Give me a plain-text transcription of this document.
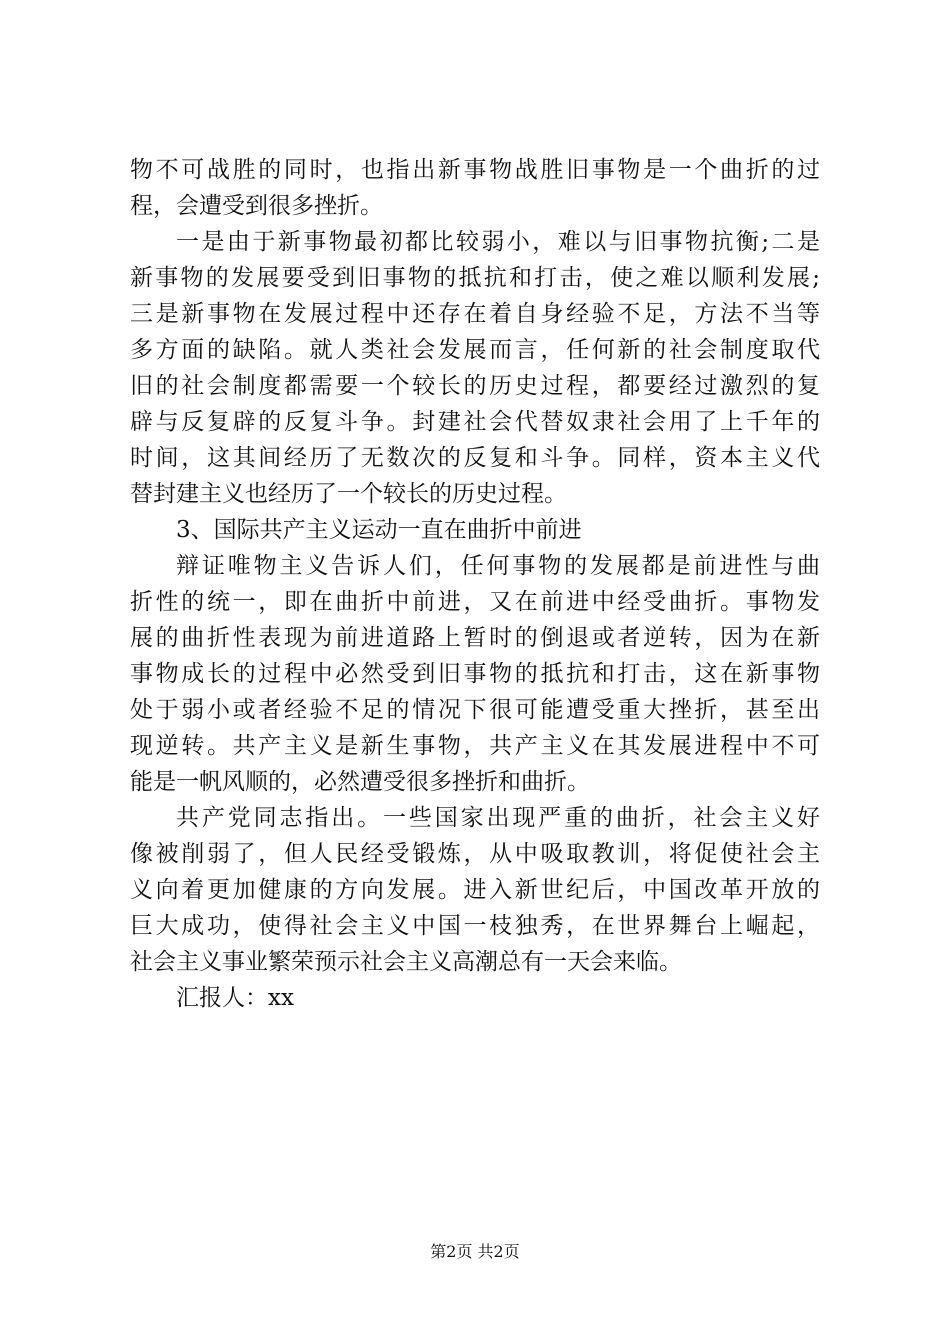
物不可战胜的同时，也指出新事物战胜旧事物是一个曲折的过
程，会遭受到很多挫折。
一是由于新事物最初都比较弱小，难以与旧事物抗衡;二是
新事物的发展要受到旧事物的抵抗和打击，使之难以顺利发展;
三是新事物在发展过程中还存在着自身经验不足，方法不当等
多方面的缺陷。就人类社会发展而言，任何新的社会制度取代
旧的社会制度都需要一个较长的历史过程，都要经过激烈的复
辟与反复辟的反复斗争。封建社会代替奴隶社会用了上千年的
时间，这其间经历了无数次的反复和斗争。同样，资本主义代
替封建主义也经历了一个较长的历史过程。
3、国际共产主义运动一直在曲折中前进
辩证唯物主义告诉人们，任何事物的发展都是前进性与曲
折性的统一，即在曲折中前进，又在前进中经受曲折。事物发
展的曲折性表现为前进道路上暂时的倒退或者逆转，因为在新
事物成长的过程中必然受到旧事物的抵抗和打击，这在新事物
处于弱小或者经验不足的情况下很可能遭受重大挫折，甚至出
现逆转。共产主义是新生事物，共产主义在其发展进程中不可
能是一帆风顺的，必然遭受很多挫折和曲折。
共产党同志指出。一些国家出现严重的曲折，社会主义好
像被削弱了，但人民经受锻炼，从中吸取教训，将促使社会主
义向着更加健康的方向发展。进入新世纪后，中国改革开放的
巨大成功，使得社会主义中国一枝独秀，在世界舞台上崛起，
社会主义事业繁荣预示社会主义高潮总有一天会来临。
汇报人：xx
第2页 共2页
